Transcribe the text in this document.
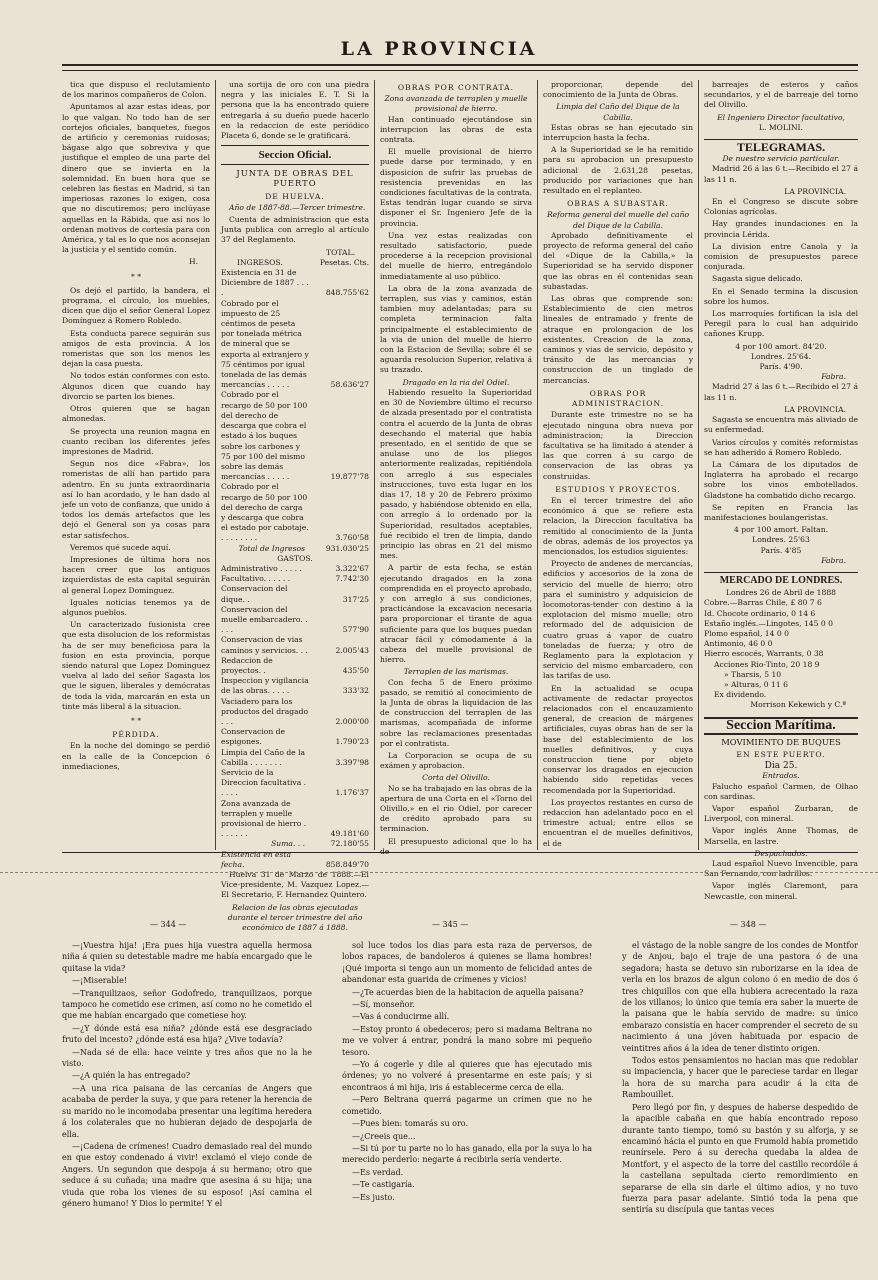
LA PROVINCIA

tica que dispuso el reclutamiento de los marinos compañeros de Colon.

Apuntamos al azar estas ideas, por lo que valgan. No todo han de ser cortejos oficiales, banquetes, fuegos de artificio y ceremonias ruidosas; bágase algo que sobreviva y que justifique el empleo de una parte del dinero que se invierta en la solemnidad. En buen hora que se celebren las fiestas en Madrid, si tan imperiosas razones lo exigen, cosa que no discutiremos; pero inclúyase aquellas en la Rábida, que así nos lo ordenan motivos de cortesía para con América, y tal es lo que nos aconsejan la justicia y el sentido común.

H.
* *

Os dejó el partido, la bandera, el programa, el círculo, los muebles, dicen que dijo el señor General Lopez Domínguez á Romero Robledo.

Esta conducta parece seguirán sus amigos de esta provincia. A los romeristas que son los menos les dejan la casa puesta.

No todos están conformes con esto. Algunos dicen que cuando hay divorcio se parten los bienes.

Otros quieren que se hagan almonedas.

Se proyecta una reunion magna en cuanto reciban los diferentes jefes impresiones de Madrid.

Segun nos dice «Fabra», los romeristas de allí han partido para adentro. En su junta extraordinaria así lo han acordado, y le han dado al jefe un voto de confianza, que unido á todos los demás artefactos que les dejó el General son ya cosas para estar satisfechos.

Veremos qué sucede aquí.

Impresiones de última hora nos hacen creer que los antiguos izquierdistas de esta capital seguirán al general Lopez Dominguez.

Iguales noticias tenemos ya de algunos pueblos.

Un caracterizado fusionista cree que esta disolucion de los reformistas ha de ser muy beneficiosa para la fusion en esta provincia, porque siendo natural que Lopez Dominguez vuelva al lado del señor Sagasta los que le siguen, liberales y demócratas de toda la vida, marcarán en esta un tinte más liberal á la situacion.

* *
PÉRDIDA.

En la noche del domingo se perdió en la calle de la Concepcion ó inmediaciones,

una sortija de oro con una piedra negra y las iniciales E. T. Si la persona que la ha encontrado quiere entregarla á su dueño puede hacerlo en la redaccion de este periódico Placeta 6, donde se le gratificará.

Seccion Oficial.
JUNTA DE OBRAS DEL PUERTO
DE HUELVA.

Año de 1887-88.—Tercer trimestre.

Cuenta de administracion que esta Junta publica con arreglo al artículo 37 del Reglamento.

TOTAL.
INGRESOS.	Pesetas. Cts.
Existencia en 31 de Diciembre de 1887 . . . .	848.755'62
Cobrado por el impuesto de 25 céntimos de peseta por tonelada métrica de mineral que se exporta al extranjero y 75 céntimos por igual tonelada de las demás mercancías . . . . .	58.636'27
Cobrado por el recargo de 50 por 100 del derecho de descarga que cobra el estado á los buques sobre los carbones y 75 por 100 del mismo sobre las demás mercancías . . . . .	19.877'78
Cobrado por el recargo de 50 por 100 del derecho de carga y descarga que cobra el estado por cabotaje. . . . . . . . .	3.760'58
Total de Ingresos	931.030'25
GASTOS.	
Administrativo . . . . .	3.322'67
Facultativo. . . . . .	7.742'30
Conservacion del dique. .	317'25
Conservacion del muelle embarcadero. . . . .	577'90
Conservacion de vias caminos y servicios. . .	2.005'43
Redaccion de proyectos. .	435'50
Inspeccion y vigilancia de las obras. . . . .	333'32
Vaciadero para los productos del dragado . . .	2.000'00
Conservacion de espigones.	1.790'23
Limpia del Caño de la Cabilla . . . . . . .	3.397'98
Servicio de la Direccion facultativa . . . . .	1.176'37
Zona avanzada de terraplen y muelle provisional de hierro . . . . . . .	49.181'60
Suma. . .	72.180'55
Existencia en esta fecha.	858.849'70

Huelva 31 de Marzo de 1888.—El Vice-presidente, M. Vazquez Lopez.—El Secretario, F. Hernandez Quintero.

Relacion de las obras ejecutadas durante el tercer trimestre del año económico de 1887 á 1888.

OBRAS POR CONTRATA.
Zona avanzada de terraplen y muelle provisional de hierro.

Han continuado ejecutándose sin interrupcion las obras de esta contrata.

El muelle provisional de hierro puede darse por terminado, y en disposicion de sufrir las pruebas de resistencia prevenidas en las condiciones facultativas de la contrata. Estas tendrán lugar cuando se sirva disponer el Sr. Ingeniero Jefe de la provincia.

Una vez estas realizadas con resultado satisfactorio, puede procederse á la recepcion provisional del muelle de hierro, entregándolo inmediatamente al uso público.

La obra de la zona avanzada de terraplen, sus vias y caminos, están tambien muy adelantadas; para su completa terminacion falta principalmente el establecimiento de la via de union del muelle de hierro con la Estacion de Sevilla; sobre él se aguarda resolucion Superior, relativa á su trazado.

Dragado en la ria del Odiel.

Habiendo resuelto la Superioridad en 30 de Noviembre último el recurso de alzada presentado por el contratista contra el acuerdo de la Junta de obras desechando el material que había presentado, en el sentido de que se anulase uno de los pliegos anteriormente realizadas, repitiéndola con arreglo á sus especiales instrucciones, tuvo esta lugar en los dias 17, 18 y 20 de Febrero próximo pasado, y habiéndose obtenido en ella, con arreglo á lo ordenado por la Superioridad, resultados aceptables, fué recibido el tren de limpia, dando principio las obras en 21 del mismo mes.

A partir de esta fecha, se están ejecutando dragados en la zona comprendida en el proyecto aprobado, y con arreglo á sus condiciones, practicándose la excavacion necesaria para proporcionar el tirante de agua suficiente para que los buques puedan atracar fácil y cómodamente á la cabeza del muelle provisional de hierro.

Terraplen de las marismas.

Con fecha 5 de Enero próximo pasado, se remitió al conocimiento de la Junta de obras la liquidacion de las de construccion del terraplen de las marismas, acompañada de informe sobre las reclamaciones presentadas por el contratista.

La Corporacion se ocupa de su exámen y aprobacion.

Corta del Olivillo.

No se ha trabajado en las obras de la apertura de una Corta en el «Torno del Olivillo,» en el rio Odiel, por carecer de crédito aprobado para su terminacion.

El presupuesto adicional que lo ha de

proporcionar, depende del conocimiento de la Junta de Obras.

Limpia del Caño del Dique de la Cabilla.

Estas obras se han ejecutado sin interrupcion hasta la fecha.

A la Superioridad se le ha remitido para su aprobacion un presupuesto adicional de 2.631,28 pesetas, producido por variaciones que han resultado en el replanteo.

OBRAS A SUBASTAR.
Reforma general del muelle del caño del Dique de la Cabilla.

Aprobado definitivamente el proyecto de reforma general del caño del «Dique de la Cabilla,» la Superioridad se ha servido disponer que las obras en él contenidas sean subastadas.

Las obras que comprende son: Establecimiento de cien metros lineales de entramado y frente de atraque en prolongacion de los existentes. Creacion de la zona, caminos y vias de servicio, depósito y tránsito de las mercancias y construccion de un tinglado de mercancías.

OBRAS POR ADMINISTRACION.

Durante este trimestre no se ha ejecutado ninguna obra nueva por administracion; la Direccion facultativa se ha limitado á atender á las que corren á su cargo de conservacion de las obras ya construidas.

ESTUDIOS Y PROYECTOS.

En el tercer trimestre del año económico á que se refiere esta relacion, la Direccion facultativa ha remitido al conocimiento de la Junta de obras, además de los proyectos ya mencionados, los estudios siguientes:

Proyecto de andenes de mercancías, edificios y accesorios de la zona de servicio del muelle de hierro; otro para el suministro y adquisicion de locomotoras-tender con destino á la explotacion del mismo muelle; otro reformado del de adquisicion de cuatro gruas á vapor de cuatro toneladas de fuerza; y otro de Reglamento para la explotacion y servicio del mismo embarcadero, con las tarifas de uso.

En la actualidad se ocupa activamente de redactar proyectos relacionados con el encauzamiento general, de creacion de márgenes artificiales, cuyas obras han de ser la base del establecimiento de los muelles definitivos, y cuya construccion tiene por objeto conservar los dragados en ejecucion habiendo sido repetidas veces recomendada por la Superioridad.

Los proyectos restantes en curso de redaccion han adelantado poco en el trimestre actual; entre ellos se encuentran el de muelles definitivos, el de

barreajes de esteros y caños secundarios, y el de barreaje del torno del Olivillo.

El Ingeniero Director facultativo,
L. MOLINI.
TELEGRAMAS.
De nuestro servicio particular.

Madrid 26 á las 6 t.—Recibido el 27 á las 11 n.

LA PROVINCIA.

En el Congreso se discute sobre Colonias agrícolas.

Hay grandes inundaciones en la provincia Lérida.

La division entre Canola y la comision de presupuestos parece conjurada.

Sagasta sigue delicado.

En el Senado termina la discusion sobre los humos.

Los marroquíes fortifican la isla del Peregil para lo cual han adquirido cañones Krupp.

4 por 100 amort. 84'20.
Londres. 25'64.
París. 4'90.
Fabra.

Madrid 27 á las 6 t.—Recibido el 27 á las 11 n.

LA PROVINCIA.

Sagasta se encuentra más aliviado de su enfermedad.

Varios círculos y comités reformistas se han adherido á Romero Robledo.

La Cámara de los diputados de Inglaterra ha aprobado el recargo sobre los vinos embotellados. Gladstone ha combatido dicho recargo.

Se repiten en Francia las manifestaciones boulangeristas.

4 por 100 amort. Faltan.
Londres. 25'63
París. 4'85
Fabra.
MERCADO DE LONDRES.
Londres 26 de Abril de 1888
Cobre.—Barras Chile, £ 80 7 6
Id. Chocote ordinario, 0 14 6
Estaño inglés.—Lingotes, 145 0 0
Plomo español, 14 0 0
Antimonio, 46 0 0
Hierro escocés, Warrants, 0 38
Acciones Rio-Tinto, 20 18 9
» Tharsis, 5 10
» Alturas, 0 11 6
Ex dividendo.
Morrison Kekewich y C.ª
Seccion Marítima.
MOVIMIENTO DE BUQUES
EN ESTE PUERTO.
Dia 25.
Entrados.

Falucho español Carmen, de Olhao con sardinas.

Vapor español Zurbaran, de Liverpool, con mineral.

Vapor inglés Anne Thomas, de Marsella, en lastre.

Despachados.

Laud español Nuevo Invencible, para San Fernando, con ladrillos.

Vapor inglés Claremont, para Newcastle, con mineral.

— 344 —	— 345 —	— 348 —

—¡Vuestra hija! ¡Era pues hija vuestra aquella hermosa niña á quien su detestable madre me había encargado que le quitase la vida?

—¡Miserable!

—Tranquilizaos, señor Godofredo, tranquilizaos, porque tampoco he cometido ese crimen, así como no he cometido el que me habían encargado que cometiese hoy.

—¿Y dónde está esa niña? ¿dónde está ese desgraciado fruto del incesto? ¿dónde está esa hija? ¿Vive todavía?

—Nada sé de ella: hace veinte y tres años que no la he visto.

—¿A quién la has entregado?

—A una rica paisana de las cercanías de Angers que acababa de perder la suya, y que para retener la herencia de su marido no le incomodaba presentar una legítima heredera á los colaterales que no hubieran dejado de despojarla de ella.

—¡Cadena de crímenes! Cuadro demasiado real del mundo en que estoy condenado á vivir! exclamó el viejo conde de Angers. Un segundon que despoja á su hermano; otro que seduce á su cuñada; una madre que asesina á su hija; una viuda que roba los vienes de su esposo! ¡Así camina el género humano! Y Dios lo permite! Y el

sol luce todos los dias para esta raza de perversos, de lobos rapaces, de bandoleros á quienes se llama hombres! ¡Qué importa si tengo aun un momento de felicidad antes de abandonar esta guarida de crímenes y vicios!

—¿Te acuerdas bien de la habitacion de aquella paisana?

—Sí, monseñor.

—Vas á conducirme allí.

—Estoy pronto á obedeceros; pero si madama Beltrana no me ve volver á entrar, pondrá la mano sobre mi pequeño tesoro.

—Yo á cogerle y dile al quieres que has ejecutado mis órdenes; yo no volveré á presentarme en este país; y si encontraos á mi hija, iris á establecerme cerca de ella.

—Pero Beltrana querrá pagarme un crimen que no he cometido.

—Pues bien: tomarás su oro.

—¿Creeis que...

—Si tú por tu parte no lo has ganado, ella por la suya lo ha merecido perderlo: negarte á recibirla sería venderte.

—Es verdad.

—Te castigaría.

—Es justo.

el vástago de la noble sangre de los condes de Montfor y de Anjou, bajo el traje de una pastora ó de una segadora; hasta se detuvo sin ruborizarse en la idea de verla en los brazos de algun colono ó en medio de dos ó tres chiquillos con que ella hubiera acrecentado la raza de los villanos; lo único que temía era saber la muerte de la paisana que le había servido de madre: su único embarazo consistía en hacer comprender el secreto de su nacimiento á una jóven habituada por espacio de veintitres años á la idea de tener distinto origen.

Todos estos pensamientos no hacian mas que redoblar su impaciencia, y hacer que le pareciese tardar en llegar la hora de su marcha para acudir á la cita de Rambouillet.

Pero llegó por fin, y despues de haberse despedido de la apacible cabaña en que había encontrado reposo durante tanto tiempo, tomó su bastón y su alforja, y se encaminó hácia el punto en que Frumold había prometido reunírsele. Pero á su derecha quedaba la aldea de Montfort, y el aspecto de la torre del castillo recordóle á la castellana sepultada cierto remordimiento en separarse de ella sin darle el último adios, y no tuvo fuerza para pasar adelante. Sintió toda la pena que sentiría su discípula que tantas veces
